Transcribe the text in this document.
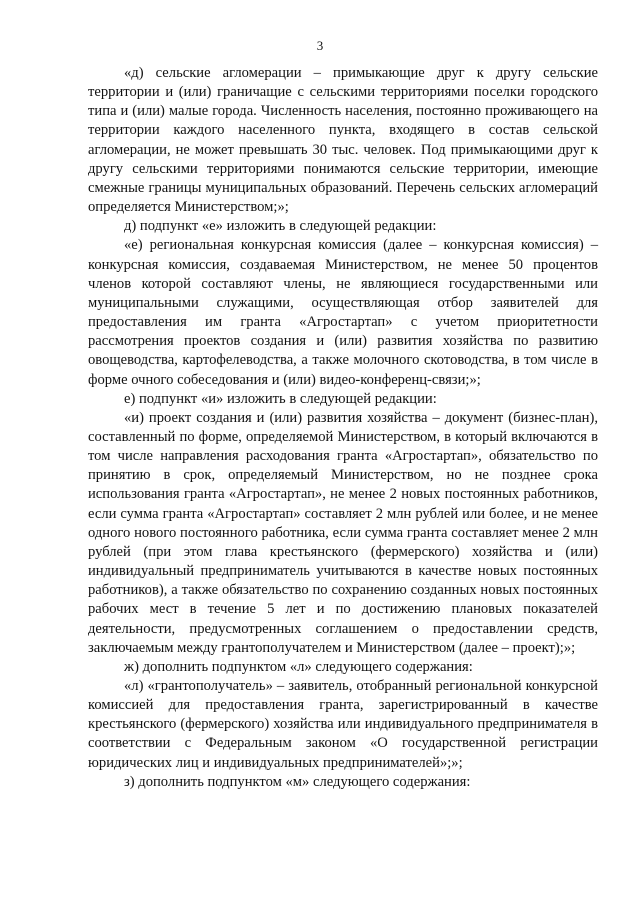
3

«д) сельские агломерации – примыкающие друг к другу сельские территории и (или) граничащие с сельскими территориями поселки городского типа и (или) малые города. Численность населения, постоянно проживающего на территории каждого населенного пункта, входящего в состав сельской агломерации, не может превышать 30 тыс. человек. Под примыкающими друг к другу сельскими территориями понимаются сельские территории, имеющие смежные границы муниципальных образований. Перечень сельских агломераций определяется Министерством;»;

д) подпункт «е» изложить в следующей редакции:

«е) региональная конкурсная комиссия (далее – конкурсная комиссия) – конкурсная комиссия, создаваемая Министерством, не менее 50 процентов членов которой составляют члены, не являющиеся государственными или муниципальными служащими, осуществляющая отбор заявителей для предоставления им гранта «Агростартап» с учетом приоритетности рассмотрения проектов создания и (или) развития хозяйства по развитию овощеводства, картофелеводства, а также молочного скотоводства, в том числе в форме очного собеседования и (или) видео-конференц-связи;»;

е) подпункт «и» изложить в следующей редакции:

«и) проект создания и (или) развития хозяйства – документ (бизнес-план), составленный по форме, определяемой Министерством, в который включаются в том числе направления расходования гранта «Агростартап», обязательство по принятию в срок, определяемый Министерством, но не позднее срока использования гранта «Агростартап», не менее 2 новых постоянных работников, если сумма гранта «Агростартап» составляет 2 млн рублей или более, и не менее одного нового постоянного работника, если сумма гранта составляет менее 2 млн рублей (при этом глава крестьянского (фермерского) хозяйства и (или) индивидуальный предприниматель учитываются в качестве новых постоянных работников), а также обязательство по сохранению созданных новых постоянных рабочих мест в течение 5 лет и по достижению плановых показателей деятельности, предусмотренных соглашением о предоставлении средств, заключаемым между грантополучателем и Министерством (далее – проект);»;

ж) дополнить подпунктом «л» следующего содержания:

«л) «грантополучатель» – заявитель, отобранный региональной конкурсной комиссией для предоставления гранта, зарегистрированный в качестве крестьянского (фермерского) хозяйства или индивидуального предпринимателя в соответствии с Федеральным законом «О государственной регистрации юридических лиц и индивидуальных предпринимателей»;»;

з) дополнить подпунктом «м» следующего содержания:
